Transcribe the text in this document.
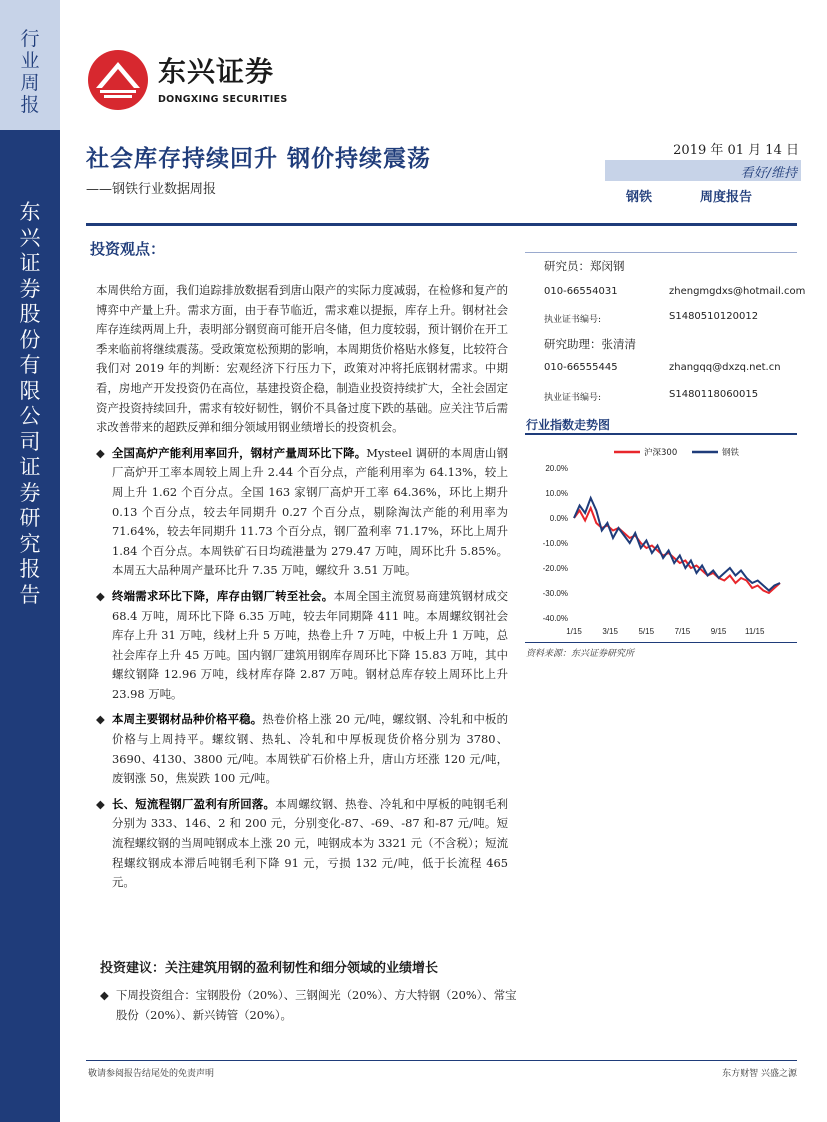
行业周报
东兴证券股份有限公司证券研究报告
东兴证券
DONGXING SECURITIES
社会库存持续回升 钢价持续震荡
——钢铁行业数据周报
2019 年 01 月 14 日
看好/维持
钢铁	周度报告
投资观点：

本周供给方面，我们追踪排放数据看到唐山限产的实际力度减弱，在检修和复产的博弈中产量上升。需求方面，由于春节临近，需求难以提振，库存上升。钢材社会库存连续两周上升，表明部分钢贸商可能开启冬储，但力度较弱，预计钢价在开工季来临前将继续震荡。受政策宽松预期的影响，本周期货价格贴水修复，比较符合我们对 2019 年的判断：宏观经济下行压力下，政策对冲将托底钢材需求。中期看，房地产开发投资仍在高位，基建投资企稳，制造业投资持续扩大，全社会固定资产投资持续回升，需求有较好韧性，钢价不具备过度下跌的基础。应关注节后需求改善带来的超跌反弹和细分领域用钢业绩增长的投资机会。

◆ 全国高炉产能利用率回升，钢材产量周环比下降。Mysteel 调研的本周唐山钢厂高炉开工率本周较上周上升 2.44 个百分点，产能利用率为 64.13%，较上周上升 1.62 个百分点。全国 163 家钢厂高炉开工率 64.36%，环比上期升 0.13 个百分点，较去年同期升 0.27 个百分点，剔除淘汰产能的利用率为 71.64%，较去年同期升 11.73 个百分点，钢厂盈利率 71.17%，环比上周升 1.84 个百分点。本周铁矿石日均疏港量为 279.47 万吨，周环比升 5.85%。本周五大品种周产量环比升 7.35 万吨，螺纹升 3.51 万吨。

◆ 终端需求环比下降，库存由钢厂转至社会。本周全国主流贸易商建筑钢材成交 68.4 万吨，周环比下降 6.35 万吨，较去年同期降 411 吨。本周螺纹钢社会库存上升 31 万吨，线材上升 5 万吨，热卷上升 7 万吨，中板上升 1 万吨，总社会库存上升 45 万吨。国内钢厂建筑用钢库存周环比下降 15.83 万吨，其中螺纹钢降 12.96 万吨，线材库存降 2.87 万吨。钢材总库存较上周环比上升 23.98 万吨。

◆ 本周主要钢材品种价格平稳。热卷价格上涨 20 元/吨，螺纹钢、冷轧和中板的价格与上周持平。螺纹钢、热轧、冷轧和中厚板现货价格分别为 3780、3690、4130、3800 元/吨。本周铁矿石价格上升，唐山方坯涨 120 元/吨，废钢涨 50，焦炭跌 100 元/吨。

◆ 长、短流程钢厂盈利有所回落。本周螺纹钢、热卷、冷轧和中厚板的吨钢毛利分别为 333、146、2 和 200 元，分别变化-87、-69、-87 和-87 元/吨。短流程螺纹钢的当周吨钢成本上涨 20 元，吨钢成本为 3321 元（不含税）；短流程螺纹钢成本滞后吨钢毛利下降 91 元，亏损 132 元/吨，低于长流程 465 元。

投资建议：关注建筑用钢的盈利韧性和细分领域的业绩增长
◆ 下周投资组合：宝钢股份（20%）、三钢闽光（20%）、方大特钢（20%）、常宝股份（20%）、新兴铸管（20%）。
研究员：郑闵钢
010-66554031	zhengmgdxs@hotmail.com
执业证书编号:	S1480510120012
研究助理：张清清
010-66555445	zhangqq@dxzq.net.cn
执业证书编号:	S1480118060015
行业指数走势图
20.0%
10.0%
0.0%
-10.0%
-20.0%
-30.0%
-40.0%
1/15	3/15	5/15	7/15	9/15 11/15
沪深300	钢铁
资料来源：东兴证券研究所
敬请参阅报告结尾处的免责声明	东方财智 兴盛之源
